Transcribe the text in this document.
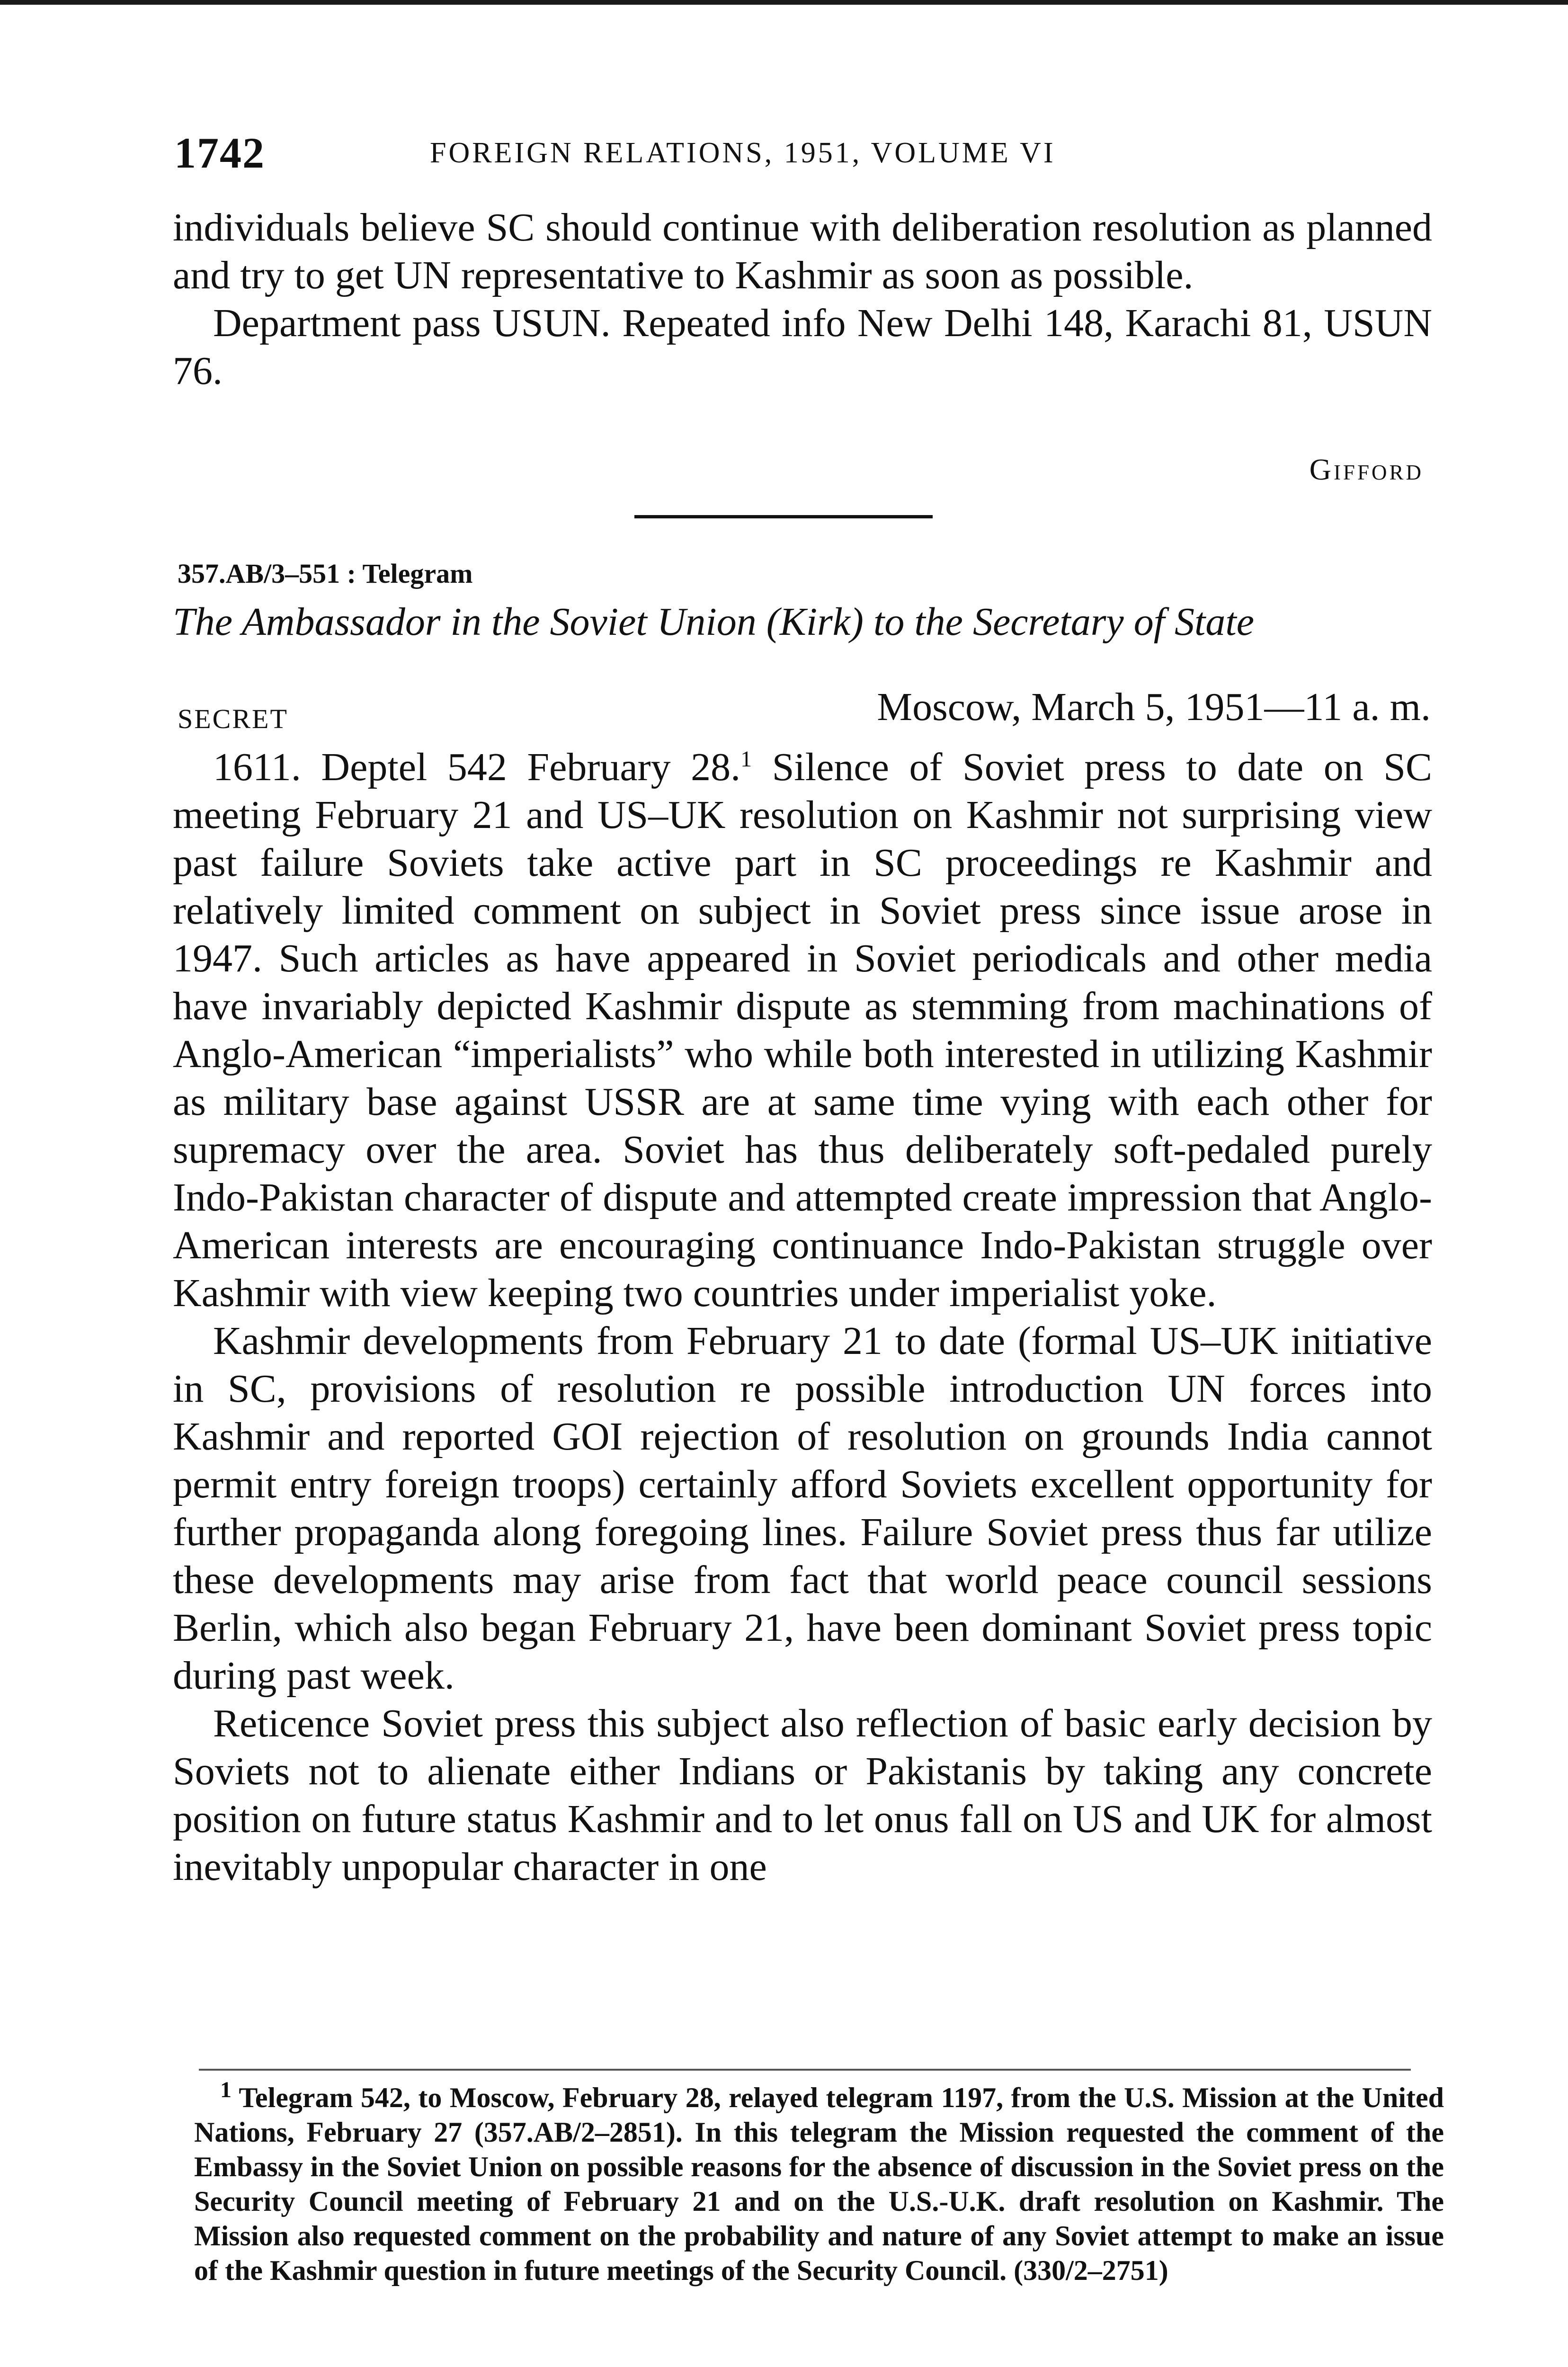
1742	FOREIGN RELATIONS, 1951, VOLUME VI

individuals believe SC should continue with deliberation resolution as planned and try to get UN representative to Kashmir as soon as possible.

Department pass USUN. Repeated info New Delhi 148, Karachi 81, USUN 76.

Gifford
357.AB/3–551 : Telegram
The Ambassador in the Soviet Union (Kirk) to the Secretary of State
SECRET	Moscow, March 5, 1951—11 a. m.

1611. Deptel 542 February 28.$^1$ Silence of Soviet press to date on SC meeting February 21 and US–UK resolution on Kashmir not surprising view past failure Soviets take active part in SC proceedings re Kashmir and relatively limited comment on subject in Soviet press since issue arose in 1947. Such articles as have appeared in Soviet periodicals and other media have invariably depicted Kashmir dispute as stemming from machinations of Anglo-American “imperialists” who while both interested in utilizing Kashmir as military base against USSR are at same time vying with each other for supremacy over the area. Soviet has thus deliberately soft-pedaled purely Indo-Pakistan character of dispute and attempted create impression that Anglo-American interests are encouraging continuance Indo-Pakistan struggle over Kashmir with view keeping two countries under imperialist yoke.

Kashmir developments from February 21 to date (formal US–UK initiative in SC, provisions of resolution re possible introduction UN forces into Kashmir and reported GOI rejection of resolution on grounds India cannot permit entry foreign troops) certainly afford Soviets excellent opportunity for further propaganda along foregoing lines. Failure Soviet press thus far utilize these developments may arise from fact that world peace council sessions Berlin, which also began February 21, have been dominant Soviet press topic during past week.

Reticence Soviet press this subject also reflection of basic early decision by Soviets not to alienate either Indians or Pakistanis by taking any concrete position on future status Kashmir and to let onus fall on US and UK for almost inevitably unpopular character in one

$^1$ Telegram 542, to Moscow, February 28, relayed telegram 1197, from the U.S. Mission at the United Nations, February 27 (357.AB/2–2851). In this telegram the Mission requested the comment of the Embassy in the Soviet Union on possible reasons for the absence of discussion in the Soviet press on the Security Council meeting of February 21 and on the U.S.-U.K. draft resolution on Kashmir. The Mission also requested comment on the probability and nature of any Soviet attempt to make an issue of the Kashmir question in future meetings of the Security Council. (330/2–2751)
